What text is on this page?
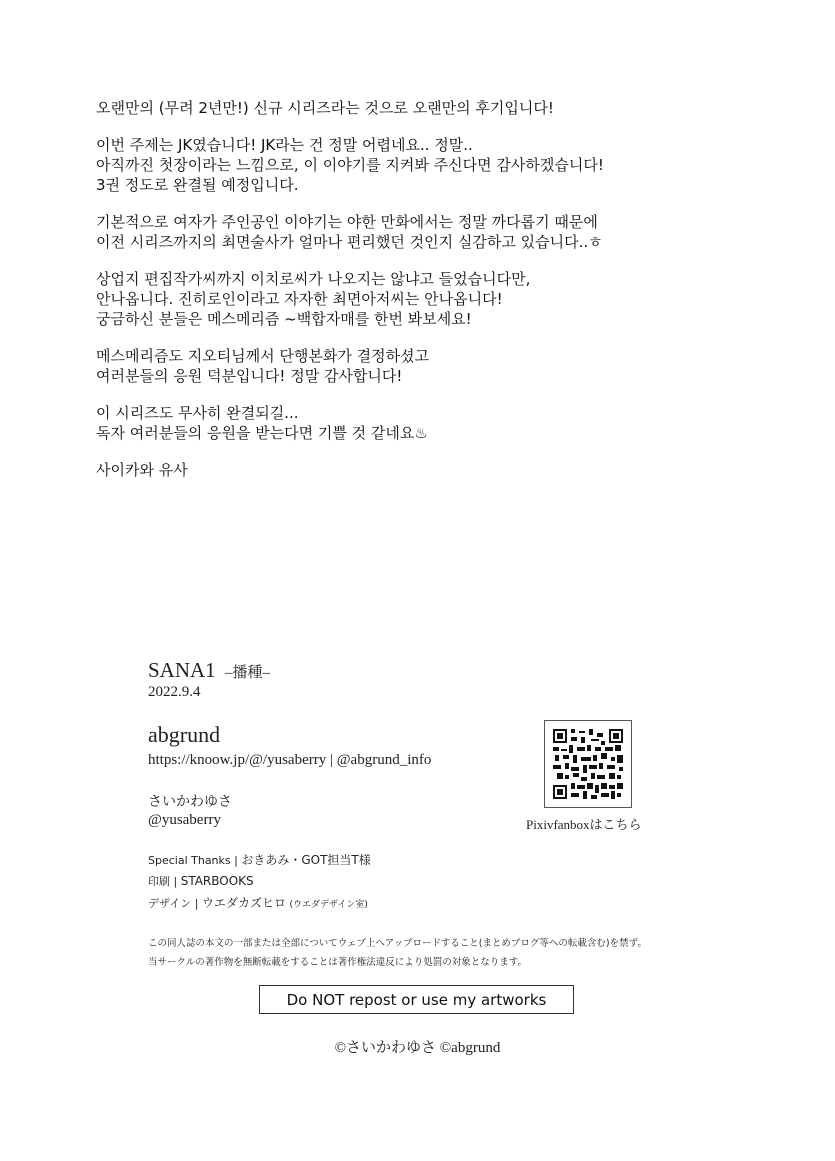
오랜만의 (무려 2년만!) 신규 시리즈라는 것으로 오랜만의 후기입니다!
이번 주제는 JK였습니다! JK라는 건 정말 어렵네요.. 정말..
아직까진 첫장이라는 느낌으로, 이 이야기를 지켜봐 주신다면 감사하겠습니다!
3권 정도로 완결될 예정입니다.
기본적으로 여자가 주인공인 이야기는 야한 만화에서는 정말 까다롭기 때문에
이전 시리즈까지의 최면술사가 얼마나 편리했던 것인지 실감하고 있습니다..ㅎ
상업지 편집작가씨까지 이치로씨가 나오지는 않냐고 들었습니다만,
안나옵니다. 진히로인이라고 자자한 최면아저씨는 안나옵니다!
궁금하신 분들은 메스메리즘 ~백합자매를 한번 봐보세요!
메스메리즘도 지오티님께서 단행본화가 결정하셨고
여러분들의 응원 덕분입니다! 정말 감사합니다!
이 시리즈도 무사히 완결되길...
독자 여러분들의 응원을 받는다면 기쁠 것 같네요♨
사이카와 유사
SANA1 –播種–
2022.9.4
abgrund
https://knoow.jp/@/yusaberry | @abgrund_info
さいかわゆさ
@yusaberry	Pixivfanboxはこちら
Special Thanks | おきあみ・GOT担当T様
印刷 | STARBOOKS
デザイン | ウエダカズヒロ (ウエダデザイン室)
この同人誌の本文の一部または全部についてウェブ上へアップロードすること(まとめブログ等への転載含む)を禁ず。
当サークルの著作物を無断転載をすることは著作権法違反により処罰の対象となります。
Do NOT repost or use my artworks
©さいかわゆさ ©abgrund
